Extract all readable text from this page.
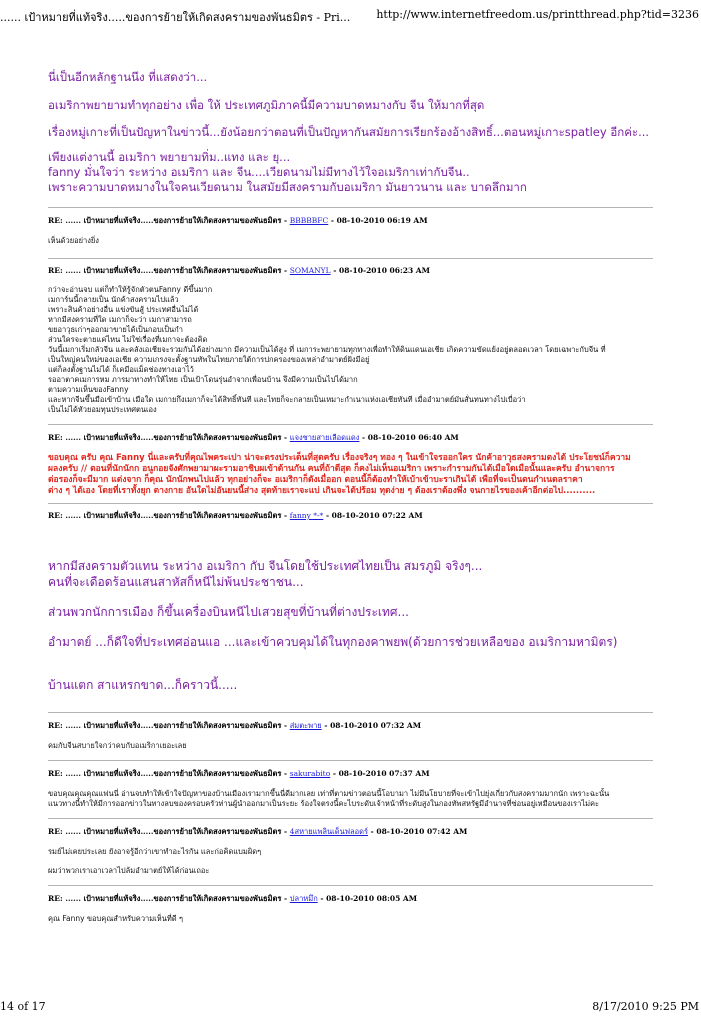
...... เป้าหมายที่แท้จริง.....ของการย้ายให้เกิดสงครามของพันธมิตร - Pri... http://www.internetfreedom.us/printthread.php?tid=3236

นี่เป็นอีกหลักฐานนึง ที่แสดงว่า...

อเมริกาพยายามทำทุกอย่าง เพื่อ ให้ ประเทศภูมิภาคนี้มีความบาดหมางกับ จีน ให้มากที่สุด

เรื่องหมู่เกาะที่เป็นปัญหาในข่าวนี้...ยังน้อยกว่าตอนที่เป็นปัญหากันสมัยการเรียกร้องอ้างสิทธิ์...ตอนหมู่เกาะspatley อีกค่ะ...

เพียงแต่งานนี้ อเมริกา พยายามทิ่ม..แทง และ ยุ...
fanny มั่นใจว่า ระหว่าง อเมริกา และ จีน....เวียดนามไม่มีทางไว้ใจอเมริกาเท่ากับจีน..
เพราะความบาดหมางในใจคนเวียดนาม ในสมัยมีสงครามกับอเมริกา มันยาวนาน และ บาดลึกมาก
RE: ...... เป้าหมายที่แท้จริง.....ของการย้ายให้เกิดสงครามของพันธมิตร - BBBBBFC - 08-10-2010 06:19 AM

เห็นด้วยอย่างยิ่ง

RE: ...... เป้าหมายที่แท้จริง.....ของการย้ายให้เกิดสงครามของพันธมิตร - SOMANYL - 08-10-2010 06:23 AM

กว่าจะอ่านจบ แต่ก็ทำให้รู้จักตัวตนFanny ดีขึ้นมาก

เมการ์นนี้กลายเป็น นักค้าสงครามไปแล้ว

เพราะสินค้าอย่างอื่น แข่งขันสู้ ประเทศอื่นไม่ได้

หากมีสงครามที่ใด เมกาก็จะว่า เมกาสามารถ

ขยอาวุธเก่าๆออกมาขายได้เป็นกอบเป็นกำ

ส่วนใครจะตายแค่ไหน ไม่ใช่เรื่องที่เมกาจะต้องคิด

วันนี้เมกาเริ่มกลัวจีน และคลังเอเชียจะรวมกันได้อย่างมาก มีความเป็นได้สูง ที่ เมการะพยายามทุกทางเพื่อทำให้ดินแดนเอเชีย เกิดความขัดแย้งอยู่ตลอดเวลา โดยเฉพาะกับจีน ที่

เป็นใหญ่คนใหม่ของเอเชีย ความเกรงจะตั้งฐานทัพในไทยภายใต้การปกครองของเหล่าอำมาตย์ฝังมีอยู่

แต่ก็ลงตั้งฐานไม่ได้ ก็เคมีอแม็ดช่องทางเอาไว้

รออาตาคเมการหม ภารมาทางทำให้ไทย เป็นเป้าโดนรุ่นอำจากเพื่อนบ้าน จึงมีความเป็นไปได้มาก

ตามความเห็นของFanny

และหากจีนขึ้นมือเข้าบ้าน เมือใด เมกายกึงเมกาก็จะได้สิทธิ์ทันที และไทยก็จะกลายเป็นเหมาะกำเนาแห่งเอเชียทันที เมื่ออำมาตย์มันสั่นทนทางไปเบื่อว่า

เป็นไม่ได้หัวยอมทุนประเทศตนเอง

RE: ...... เป้าหมายที่แท้จริง.....ของการย้ายให้เกิดสงครามของพันธมิตร - แจงชายสายเลือดแดง - 08-10-2010 06:40 AM
ขอบคุณ ครับ คุณ Fanny นี่และครับที่คุณไพคระเปา น่าจะตรงประเด็นที่สุดครับ เรื่องจริงๆ ทอง ๆ ในเข้าใจรออกใคร นักค้าอาวุธสงครามตงได้ ประโยชน์ก็ความ
ผลงครับ // ตอนที่นักนักก อนูกอยจังศักพยามาผะรามอาชิบผเข้าด้านกัน คนที่ถ้าดีสุด ก็คงไม่เห็นอเมริกา เพราะกำรามกันได้เมือใดเมือนั้นและครับ อำนาจการ
ต่อรองก็จะมีมาก แต่งจาก ก็คุณ นักนักพนไปแล้ว ทุกอย่างก็จะ อเมริกาก็ดังเมื่ออก ตอนนี้ก็ต้องทำให้เบ้าเข้าบะราเกินได้ เพือที่จะเป็นตนกำเนดลราคา
ต่าง ๆ ได้เอง โดยที่เราทั้งยุก ตางกาย อันใดไม่อันยนนี้ส่าง สุดท้ายเราจะแบ่ เกินจะได้ปร้อม ทุดง่าย ๆ ต้องเราต้องพึ่ง จนกายไรของเค้าอีกต่อไป..........
RE: ...... เป้าหมายที่แท้จริง.....ของการย้ายให้เกิดสงครามของพันธมิตร - fanny *-* - 08-10-2010 07:22 AM
หากมีสงครามตัวแทน ระหว่าง อเมริกา กับ จีนโดยใช้ประเทศไทยเป็น สมรภูมิ จริงๆ...
คนที่จะเดือดร้อนแสนสาหัสก็หนีไม่พ้นประชาชน...
ส่วนพวกนักการเมือง ก็ขึ้นเครื่องบินหนีไปเสวยสุขที่บ้านที่ต่างประเทศ...
อำมาตย์ ...ก็ดีใจที่ประเทศอ่อนแอ ...และเข้าควบคุมได้ในทุกองคาพยพ(ด้วยการช่วยเหลือของ อเมริกามหามิตร)
บ้านแตก สาแหรกขาด...ก็คราวนี้.....
RE: ...... เป้าหมายที่แท้จริง.....ของการย้ายให้เกิดสงครามของพันธมิตร - ส่มตะพาย - 08-10-2010 07:32 AM

คมกับจีนสบายใจกว่าคบกับอเมริกาเยอะเลย

RE: ...... เป้าหมายที่แท้จริง.....ของการย้ายให้เกิดสงครามของพันธมิตร - sakurabito - 08-10-2010 07:37 AM

ขอบคุณคุณคุณแฟนนี่ อ่านจบทำให้เข้าใจปัญหาของบ้านเมืองเรามากขึ้นนี่ดีมากเลย เท่าที่ตามข่าวตอนนี้โอบามา ไม่มีนโยบายที่จะเข้าไปยุ่งเกี่ยวกับสงครามมากนัก เพราะฉะนั้น

แนวทางนี้ทำให้มีการออกข่าวในทางลบของครอบครัวท่านผู้นำออกมาเป็นระยะ ร้องใจตรงนี้คะไบระดับเจ้าหน้าที่ระดับสูงในกองทัพสหรัฐมีอำนาจที่ซ่อนอยู่เหมือนของเราไม่คะ

RE: ...... เป้าหมายที่แท้จริง.....ของการย้ายให้เกิดสงครามของพันธมิตร - 4สหายแพลินเด็นฟลอดร์ - 08-10-2010 07:42 AM

รมย์ไม่เคยประเลย ยังอาจรู้อีกว่าเขาทำอะไรกัน และก่อคิดแบมผิดๆ

ผมว่าพวกเราเอาเวลาไปล้มอำมาตย์ให้ได้ก่อนเถอะ

RE: ...... เป้าหมายที่แท้จริง.....ของการย้ายให้เกิดสงครามของพันธมิตร - ปลาหมึก - 08-10-2010 08:05 AM

คุณ Fanny ขอบคุณสำหรับความเห็นที่ดี ๆ

14 of 17	8/17/2010 9:25 PM
